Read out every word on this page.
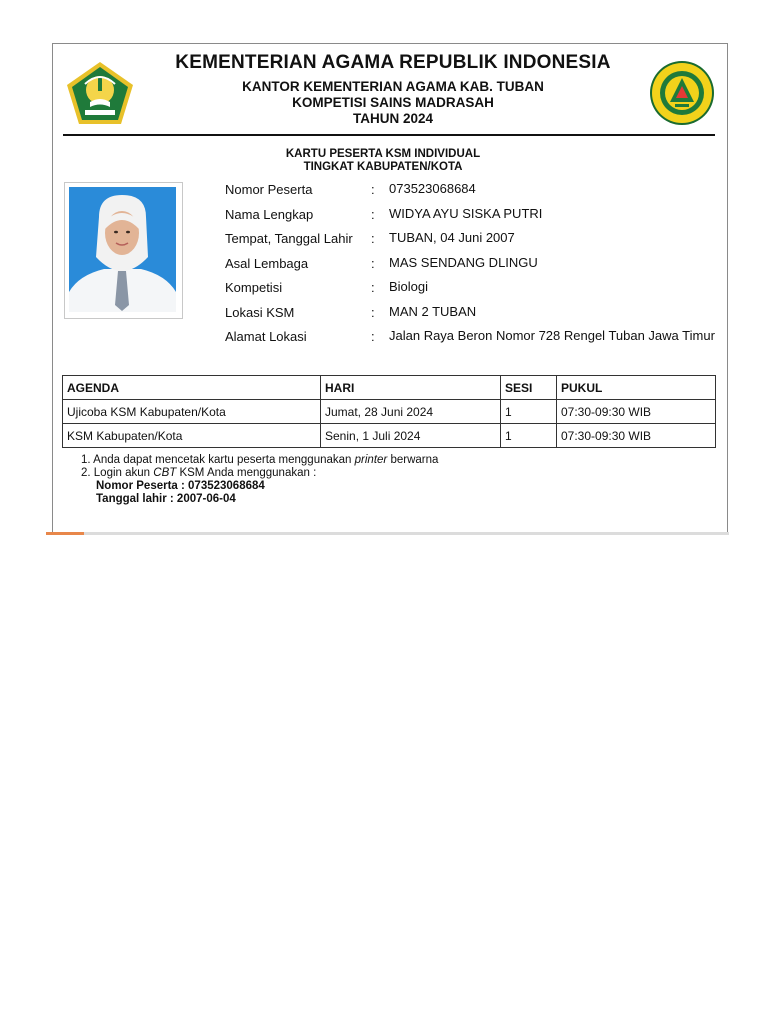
KEMENTERIAN AGAMA REPUBLIK INDONESIA
KANTOR KEMENTERIAN AGAMA KAB. TUBAN
KOMPETISI SAINS MADRASAH
TAHUN 2024
KARTU PESERTA KSM INDIVIDUAL
TINGKAT KABUPATEN/KOTA
Nomor Peserta	: 073523068684
Nama Lengkap	: WIDYA AYU SISKA PUTRI
Tempat, Tanggal Lahir	: TUBAN, 04 Juni 2007
Asal Lembaga	: MAS SENDANG DLINGU
Kompetisi	: Biologi
Lokasi KSM	: MAN 2 TUBAN
Alamat Lokasi	: Jalan Raya Beron Nomor 728 Rengel Tuban Jawa Timur
AGENDA	HARI	SESI	PUKUL
Ujicoba KSM Kabupaten/Kota	Jumat, 28 Juni 2024	1	07:30-09:30 WIB
KSM Kabupaten/Kota	Senin, 1 Juli 2024	1	07:30-09:30 WIB
1. Anda dapat mencetak kartu peserta menggunakan printer berwarna
2. Login akun CBT KSM Anda menggunakan :
Nomor Peserta : 073523068684
Tanggal lahir : 2007-06-04
